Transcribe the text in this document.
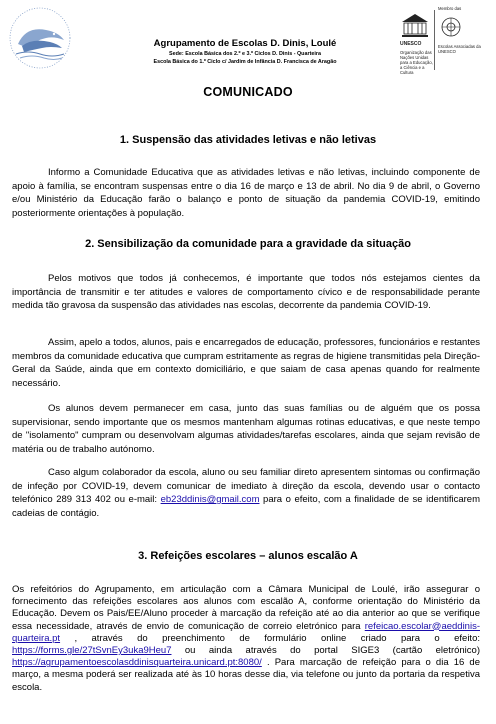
Agrupamento de Escolas D. Dinis, Loulé
Sede: Escola Básica dos 2.º e 3.º Ciclos D. Dinis - Quarteira
Escola Básica do 1.º Ciclo c/ Jardim de Infância D. Francisca de Aragão
UNESCO
Organização das Nações Unidas para a Educação, a Ciência e a Cultura
Membro das
Escolas Associadas da UNESCO
COMUNICADO
1. Suspensão das atividades letivas e não letivas
Informo a Comunidade Educativa que as atividades letivas e não letivas, incluindo componente de apoio à família, se encontram suspensas entre o dia 16 de março e 13 de abril. No dia 9 de abril, o Governo e/ou Ministério da Educação farão o balanço e ponto de situação da pandemia COVID-19, emitindo posteriormente orientações à população.
2. Sensibilização da comunidade para a gravidade da situação
Pelos motivos que todos já conhecemos, é importante que todos nós estejamos cientes da importância de transmitir e ter atitudes e valores de comportamento cívico e de responsabilidade perante medida tão gravosa da suspensão das atividades nas escolas, decorrente da pandemia COVID-19.
Assim, apelo a todos, alunos, pais e encarregados de educação, professores, funcionários e restantes membros da comunidade educativa que cumpram estritamente as regras de higiene transmitidas pela Direção-Geral da Saúde, ainda que em contexto domiciliário, e que saiam de casa apenas quando for realmente necessário.
Os alunos devem permanecer em casa, junto das suas famílias ou de alguém que os possa supervisionar, sendo importante que os mesmos mantenham algumas rotinas educativas, e que neste tempo de "isolamento" cumpram ou desenvolvam algumas atividades/tarefas escolares, ainda que sejam revisão de matéria ou de trabalho autónomo.
Caso algum colaborador da escola, aluno ou seu familiar direto apresentem sintomas ou confirmação de infeção por COVID-19, devem comunicar de imediato à direção da escola, devendo usar o contacto telefónico 289 313 402 ou e-mail: eb23ddinis@gmail.com para o efeito, com a finalidade de se identificarem cadeias de contágio.
3. Refeições escolares – alunos escalão A
Os refeitórios do Agrupamento, em articulação com a Câmara Municipal de Loulé, irão assegurar o fornecimento das refeições escolares aos alunos com escalão A, conforme orientação do Ministério da Educação. Devem os Pais/EE/Aluno proceder à marcação da refeição até ao dia anterior ao que se verifique essa necessidade, através de envio de comunicação de correio eletrónico para refeicao.escolar@aeddinis-quarteira.pt , através do preenchimento de formulário online criado para o efeito: https://forms.gle/27tSvnEy3uka9Heu7 ou ainda através do portal SIGE3 (cartão eletrónico) https://agrupamentoescolasddinisquarteira.unicard.pt:8080/ . Para marcação de refeição para o dia 16 de março, a mesma poderá ser realizada até às 10 horas desse dia, via telefone ou junto da portaria da respetiva escola.
